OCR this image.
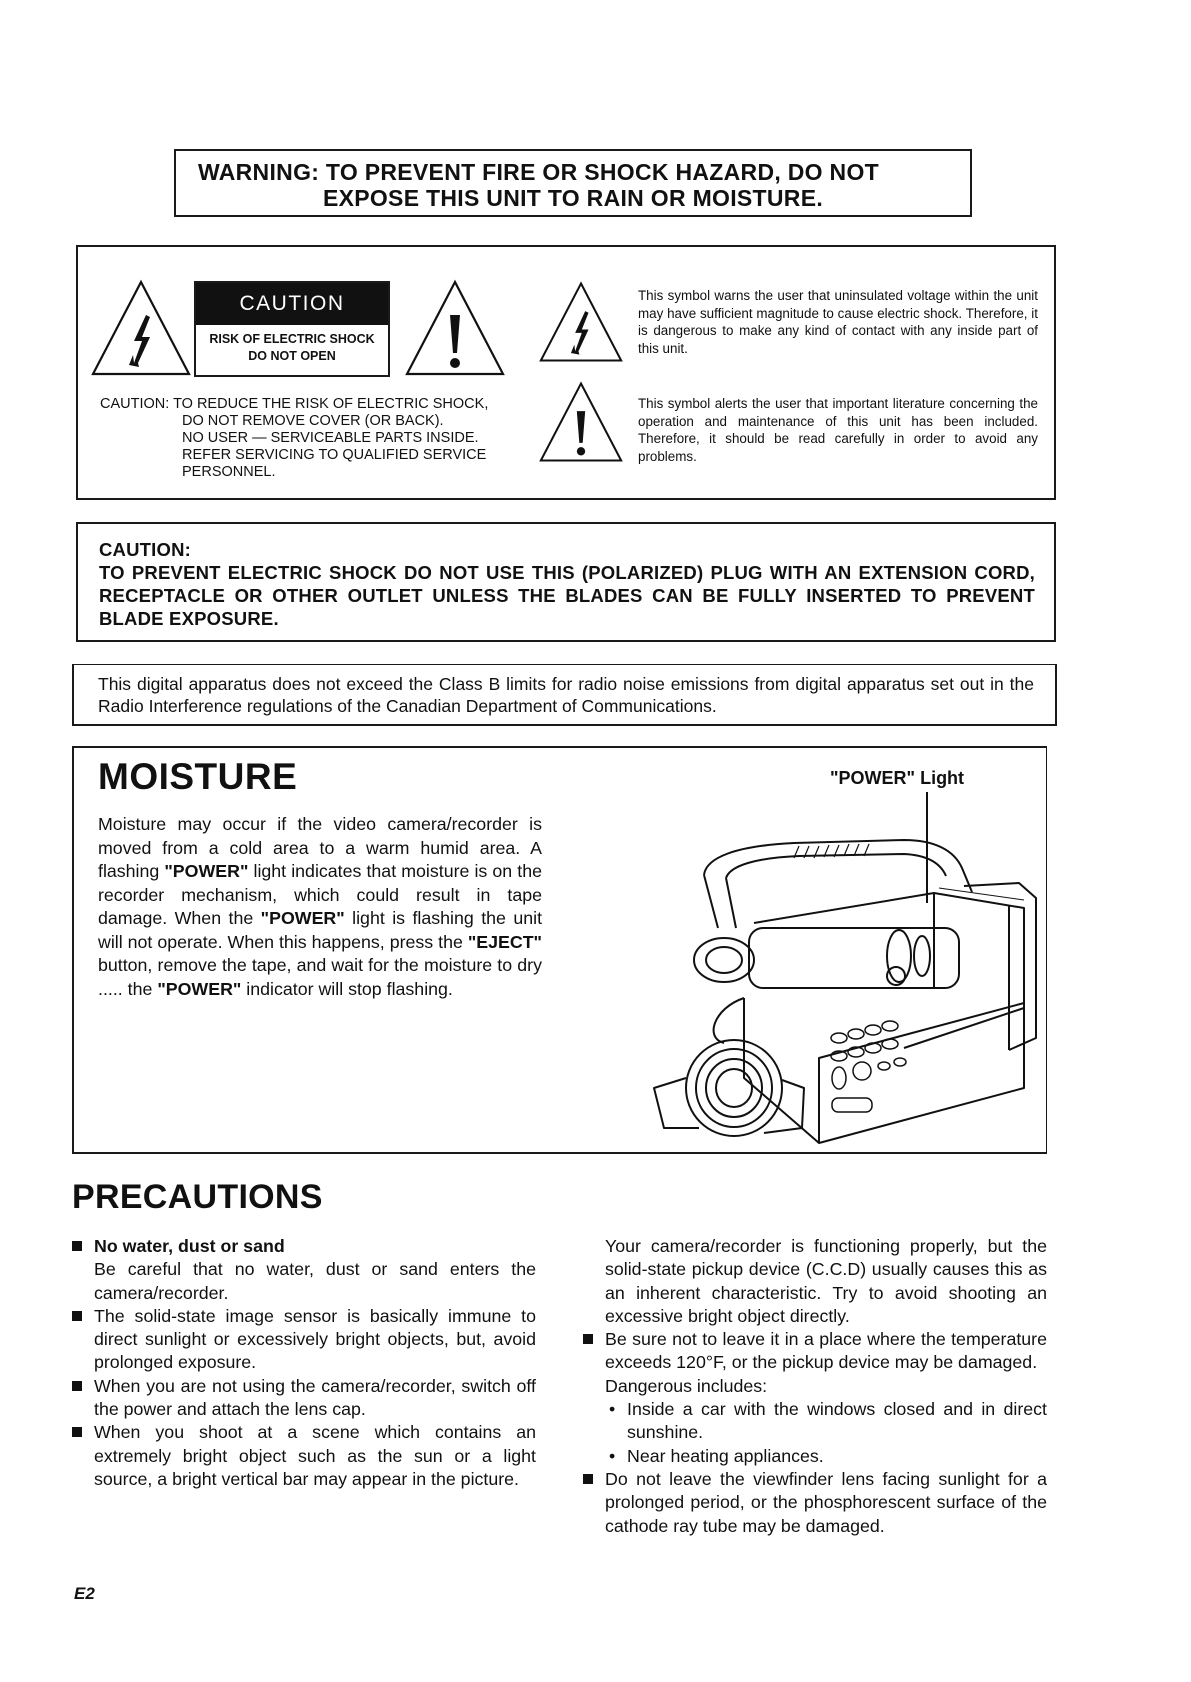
WARNING: TO PREVENT FIRE OR SHOCK HAZARD, DO NOT
EXPOSE THIS UNIT TO RAIN OR MOISTURE.
CAUTION
RISK OF ELECTRIC SHOCK
DO NOT OPEN
CAUTION: TO REDUCE THE RISK OF ELECTRIC SHOCK,
DO NOT REMOVE COVER (OR BACK).
NO USER — SERVICEABLE PARTS INSIDE.
REFER SERVICING TO QUALIFIED SERVICE
PERSONNEL.
This symbol warns the user that uninsulated voltage within the unit may have sufficient magnitude to cause electric shock. Therefore, it is dangerous to make any kind of contact with any inside part of this unit.
This symbol alerts the user that important literature concerning the operation and maintenance of this unit has been included. Therefore, it should be read carefully in order to avoid any problems.
CAUTION:
TO PREVENT ELECTRIC SHOCK DO NOT USE THIS (POLARIZED) PLUG WITH AN EXTENSION CORD, RECEPTACLE OR OTHER OUTLET UNLESS THE BLADES CAN BE FULLY INSERTED TO PREVENT BLADE EXPOSURE.
This digital apparatus does not exceed the Class B limits for radio noise emissions from digital apparatus set out in the Radio Interference regulations of the Canadian Department of Communications.
MOISTURE
Moisture may occur if the video camera/recorder is moved from a cold area to a warm humid area. A flashing "POWER" light indicates that moisture is on the recorder mechanism, which could result in tape damage. When the "POWER" light is flashing the unit will not operate. When this happens, press the "EJECT" button, remove the tape, and wait for the moisture to dry ..... the "POWER" indicator will stop flashing.
"POWER" Light
PRECAUTIONS
No water, dust or sand
Be careful that no water, dust or sand enters the camera/recorder.
The solid-state image sensor is basically immune to direct sunlight or excessively bright objects, but, avoid prolonged exposure.
When you are not using the camera/recorder, switch off the power and attach the lens cap.
When you shoot at a scene which contains an extremely bright object such as the sun or a light source, a bright vertical bar may appear in the picture.
Your camera/recorder is functioning properly, but the solid-state pickup device (C.C.D) usually causes this as an inherent characteristic. Try to avoid shooting an excessive bright object directly.
Be sure not to leave it in a place where the temperature exceeds 120°F, or the pickup device may be damaged.
Dangerous includes:
• Inside a car with the windows closed and in direct sunshine.
• Near heating appliances.
Do not leave the viewfinder lens facing sunlight for a prolonged period, or the phosphorescent surface of the cathode ray tube may be damaged.
E2
